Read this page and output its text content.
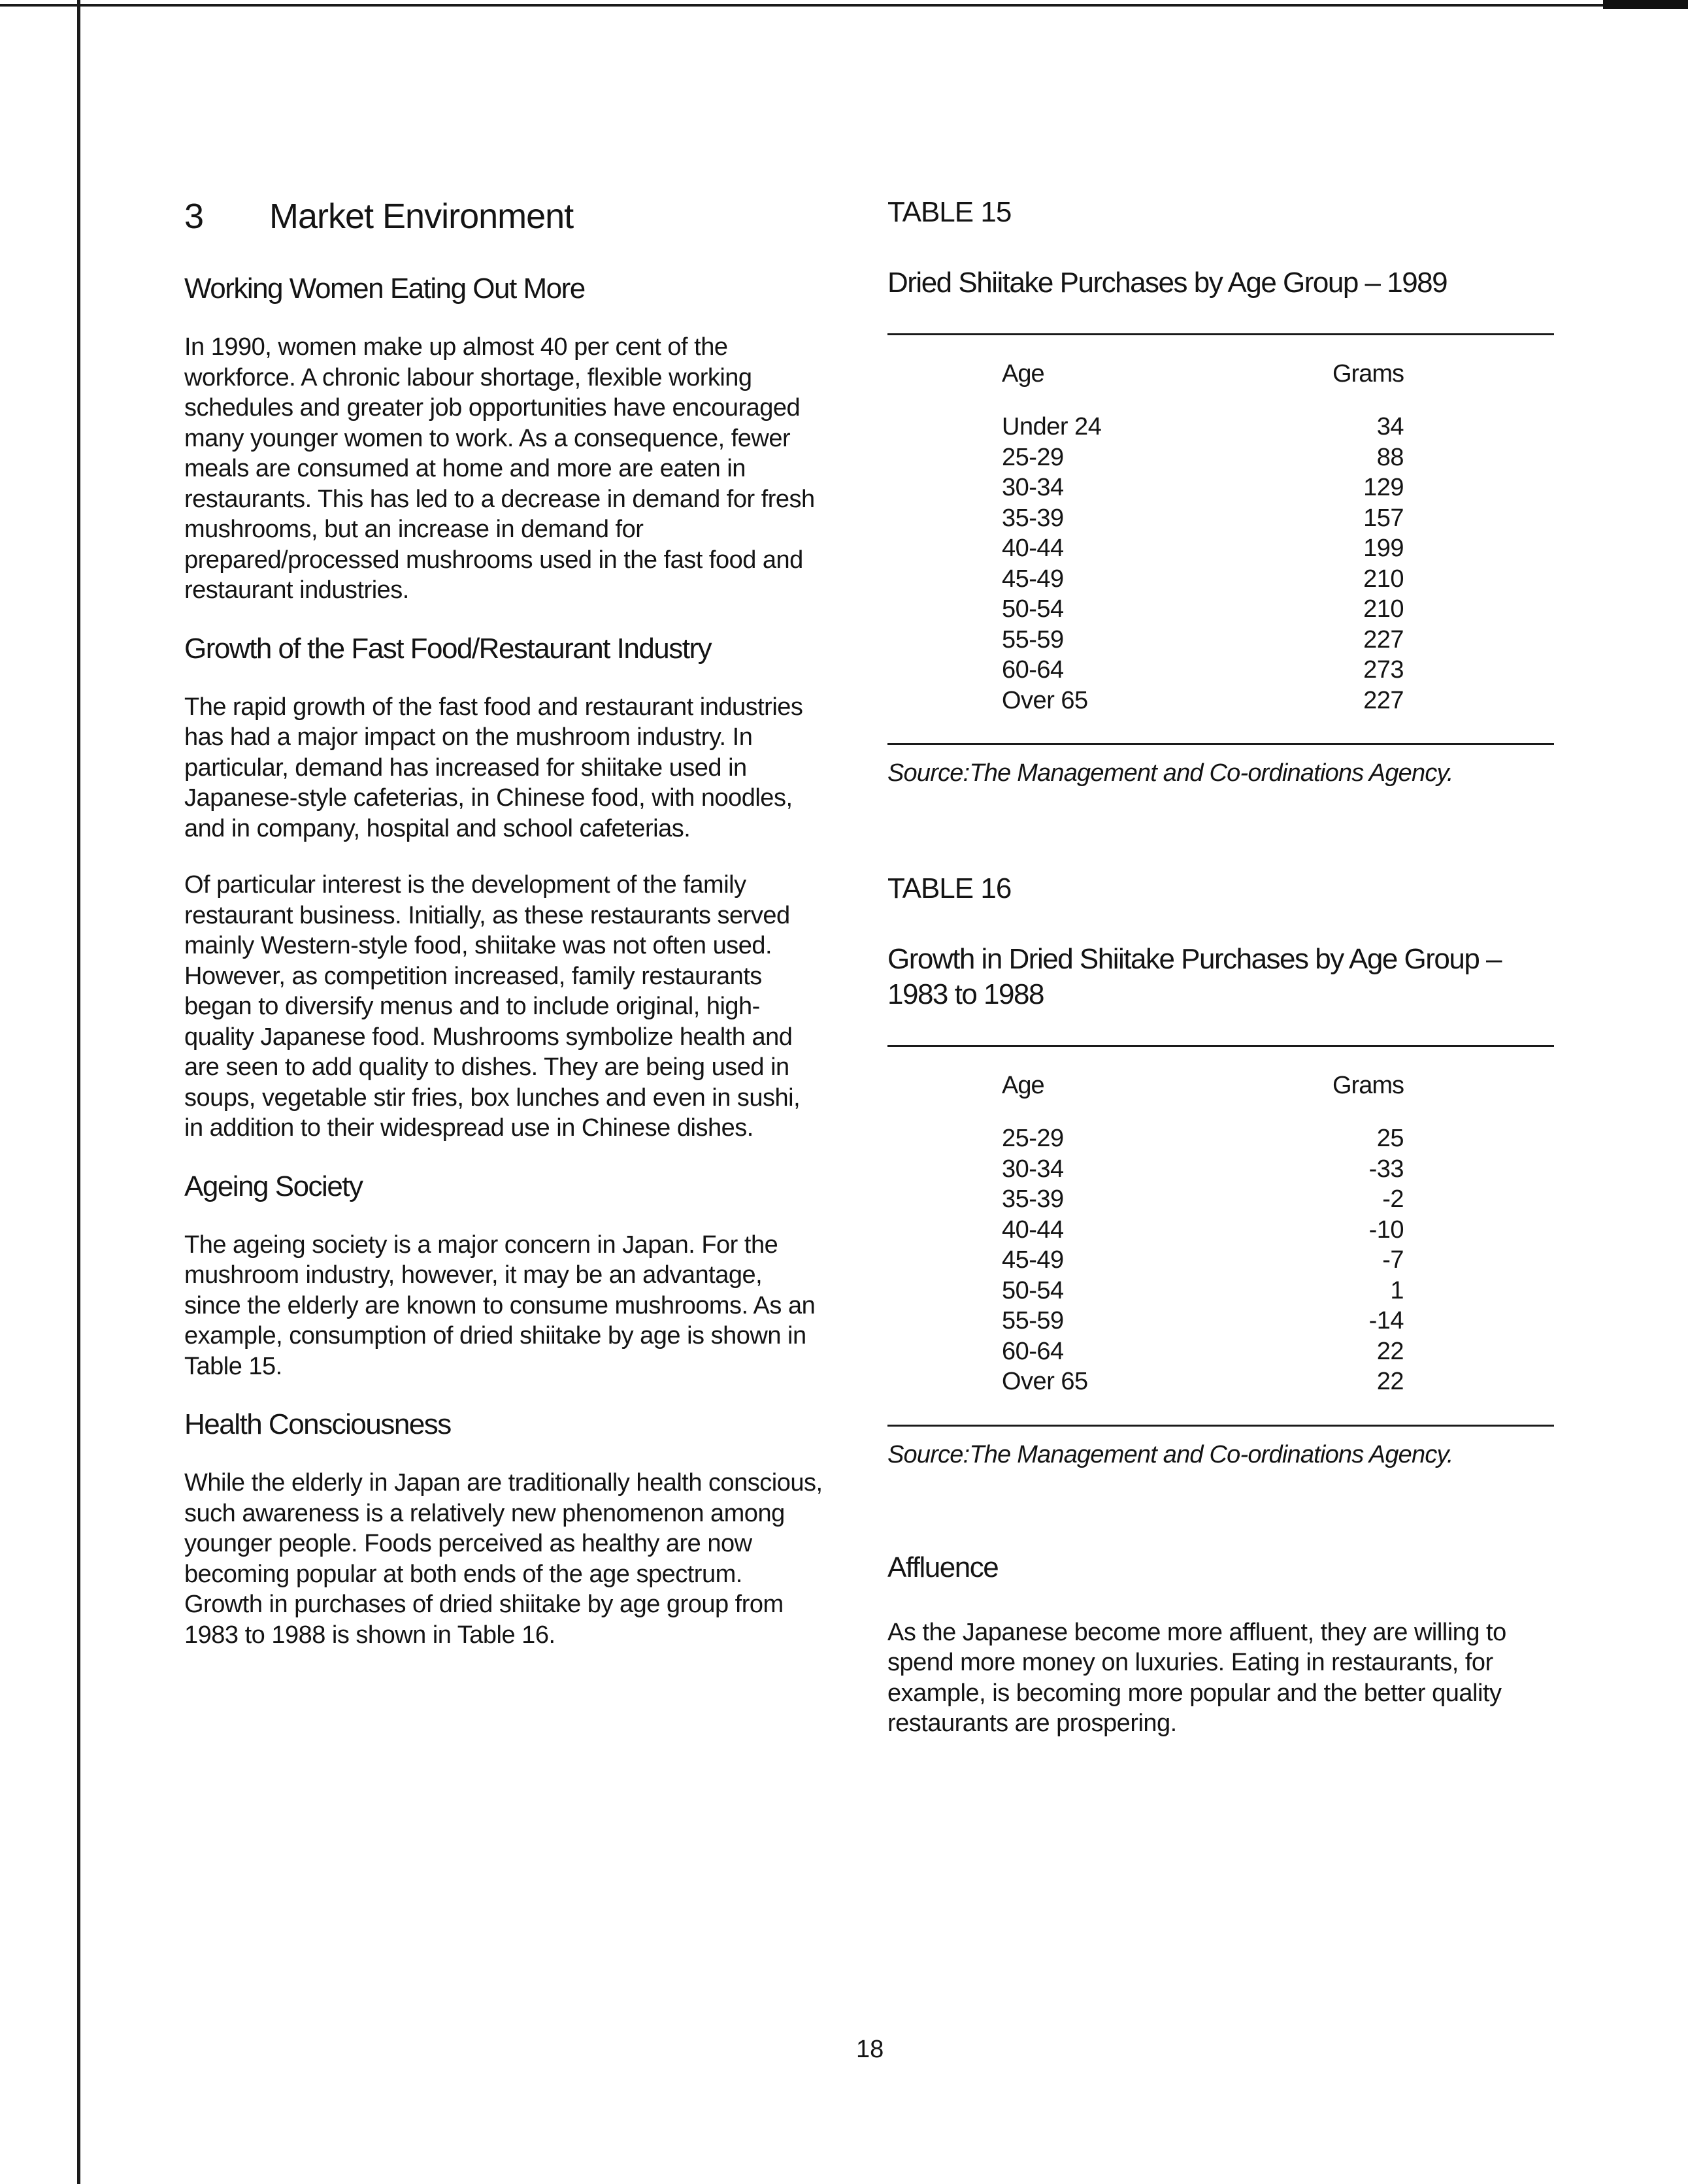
3 Market Environment
Working Women Eating Out More

In 1990, women make up almost 40 per cent of the workforce. A chronic labour shortage, flexible working schedules and greater job opportunities have encouraged many younger women to work. As a consequence, fewer meals are consumed at home and more are eaten in restaurants. This has led to a decrease in demand for fresh mushrooms, but an increase in demand for prepared/processed mushrooms used in the fast food and restaurant industries.

Growth of the Fast Food/Restaurant Industry

The rapid growth of the fast food and restaurant industries has had a major impact on the mushroom industry. In particular, demand has increased for shiitake used in Japanese-style cafeterias, in Chinese food, with noodles, and in company, hospital and school cafeterias.

Of particular interest is the development of the family restaurant business. Initially, as these restaurants served mainly Western-style food, shiitake was not often used. However, as competition increased, family restaurants began to diversify menus and to include original, high-quality Japanese food. Mushrooms symbolize health and are seen to add quality to dishes. They are being used in soups, vegetable stir fries, box lunches and even in sushi, in addition to their widespread use in Chinese dishes.

Ageing Society

The ageing society is a major concern in Japan. For the mushroom industry, however, it may be an advantage, since the elderly are known to consume mushrooms. As an example, consumption of dried shiitake by age is shown in Table 15.

Health Consciousness

While the elderly in Japan are traditionally health conscious, such awareness is a relatively new phenomenon among younger people. Foods perceived as healthy are now becoming popular at both ends of the age spectrum. Growth in purchases of dried shiitake by age group from 1983 to 1988 is shown in Table 16.

TABLE 15
Dried Shiitake Purchases by Age Group – 1989
Age	Grams
Under 24	34
25-29	88
30-34	129
35-39	157
40-44	199
45-49	210
50-54	210
55-59	227
60-64	273
Over 65	227
Source:The Management and Co-ordinations Agency.
TABLE 16
Growth in Dried Shiitake Purchases by Age Group – 1983 to 1988
Age	Grams
25-29	25
30-34	-33
35-39	-2
40-44	-10
45-49	-7
50-54	1
55-59	-14
60-64	22
Over 65	22
Source:The Management and Co-ordinations Agency.
Affluence

As the Japanese become more affluent, they are willing to spend more money on luxuries. Eating in restaurants, for example, is becoming more popular and the better quality restaurants are prospering.

18
